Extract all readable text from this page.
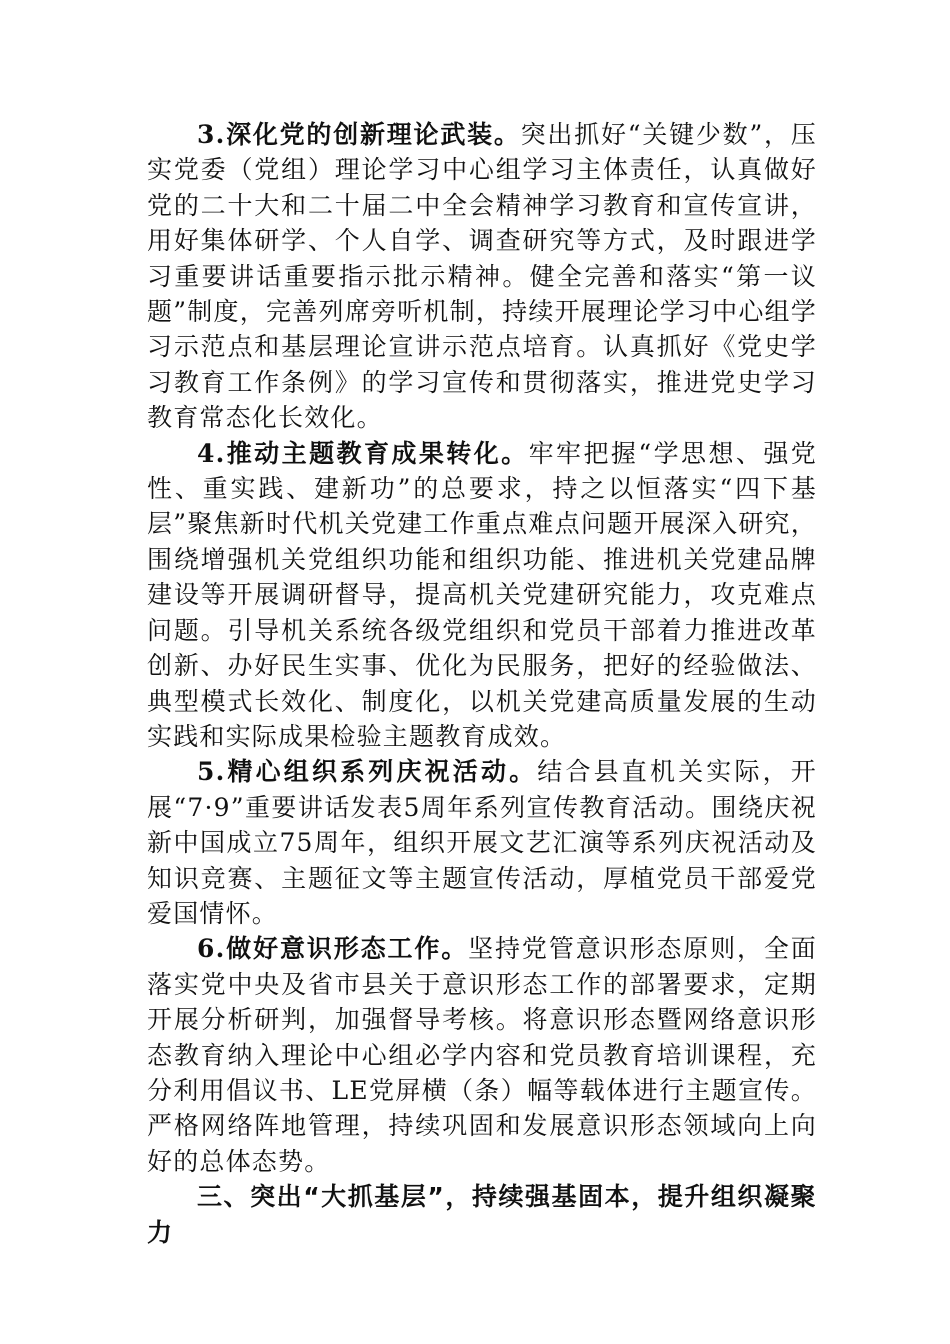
3.深化党的创新理论武装。突出抓好“关键少数”，压实党委（党组）理论学习中心组学习主体责任，认真做好党的二十大和二十届二中全会精神学习教育和宣传宣讲，用好集体研学、个人自学、调查研究等方式，及时跟进学习重要讲话重要指示批示精神。健全完善和落实“第一议题”制度，完善列席旁听机制，持续开展理论学习中心组学习示范点和基层理论宣讲示范点培育。认真抓好《党史学习教育工作条例》的学习宣传和贯彻落实，推进党史学习教育常态化长效化。

4.推动主题教育成果转化。牢牢把握“学思想、强党性、重实践、建新功”的总要求，持之以恒落实“四下基层”聚焦新时代机关党建工作重点难点问题开展深入研究，围绕增强机关党组织功能和组织功能、推进机关党建品牌建设等开展调研督导，提高机关党建研究能力，攻克难点问题。引导机关系统各级党组织和党员干部着力推进改革创新、办好民生实事、优化为民服务，把好的经验做法、典型模式长效化、制度化，以机关党建高质量发展的生动实践和实际成果检验主题教育成效。

5.精心组织系列庆祝活动。结合县直机关实际，开展“7·9”重要讲话发表5周年系列宣传教育活动。围绕庆祝新中国成立75周年，组织开展文艺汇演等系列庆祝活动及知识竞赛、主题征文等主题宣传活动，厚植党员干部爱党爱国情怀。

6.做好意识形态工作。坚持党管意识形态原则，全面落实党中央及省市县关于意识形态工作的部署要求，定期开展分析研判，加强督导考核。将意识形态暨网络意识形态教育纳入理论中心组必学内容和党员教育培训课程，充分利用倡议书、LE党屏横（条）幅等载体进行主题宣传。严格网络阵地管理，持续巩固和发展意识形态领域向上向好的总体态势。

三、突出“大抓基层”，持续强基固本，提升组织凝聚力
